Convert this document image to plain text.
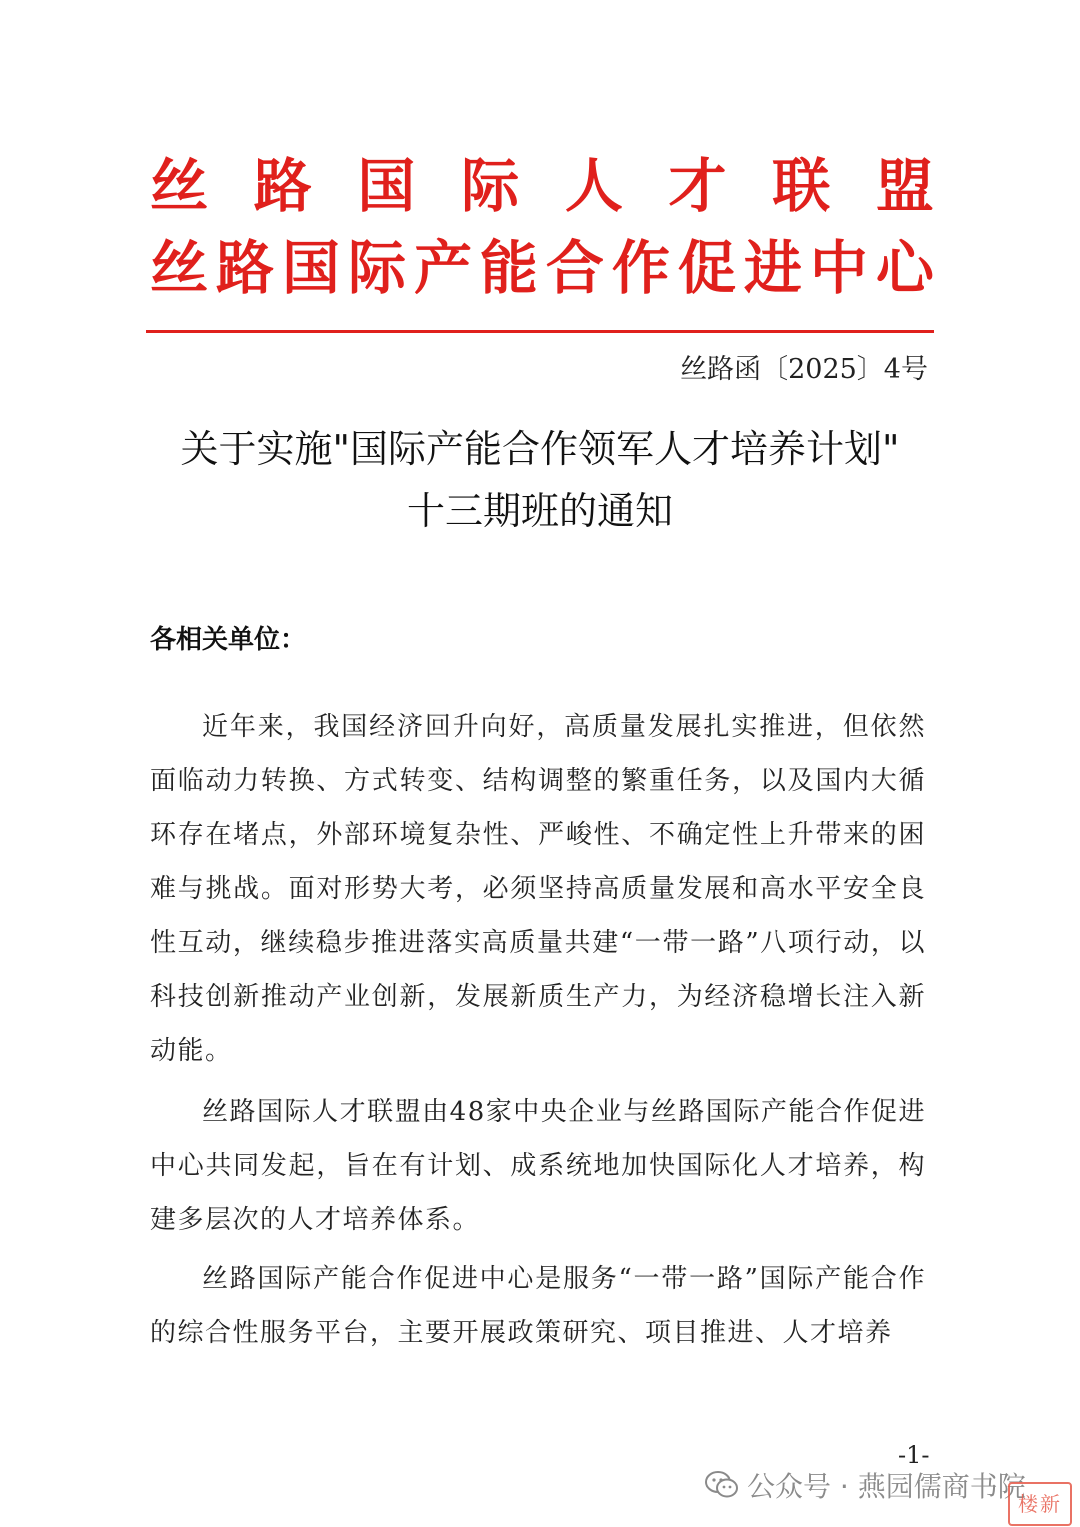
丝 路 国 际 人 才 联 盟
丝 路 国 际 产 能 合 作 促 进 中 心
丝路函〔2025〕4号
关于实施"国际产能合作领军人才培养计划"
十三期班的通知
各相关单位：

近年来，我国经济回升向好，高质量发展扎实推进，但依然面临动力转换、方式转变、结构调整的繁重任务，以及国内大循环存在堵点，外部环境复杂性、严峻性、不确定性上升带来的困难与挑战。面对形势大考，必须坚持高质量发展和高水平安全良性互动，继续稳步推进落实高质量共建“一带一路”八项行动，以科技创新推动产业创新，发展新质生产力，为经济稳增长注入新动能。

丝路国际人才联盟由48家中央企业与丝路国际产能合作促进中心共同发起，旨在有计划、成系统地加快国际化人才培养，构建多层次的人才培养体系。

丝路国际产能合作促进中心是服务“一带一路”国际产能合作的综合性服务平台，主要开展政策研究、项目推进、人才培养

-1-
公众号 · 燕园儒商书院
楼新
